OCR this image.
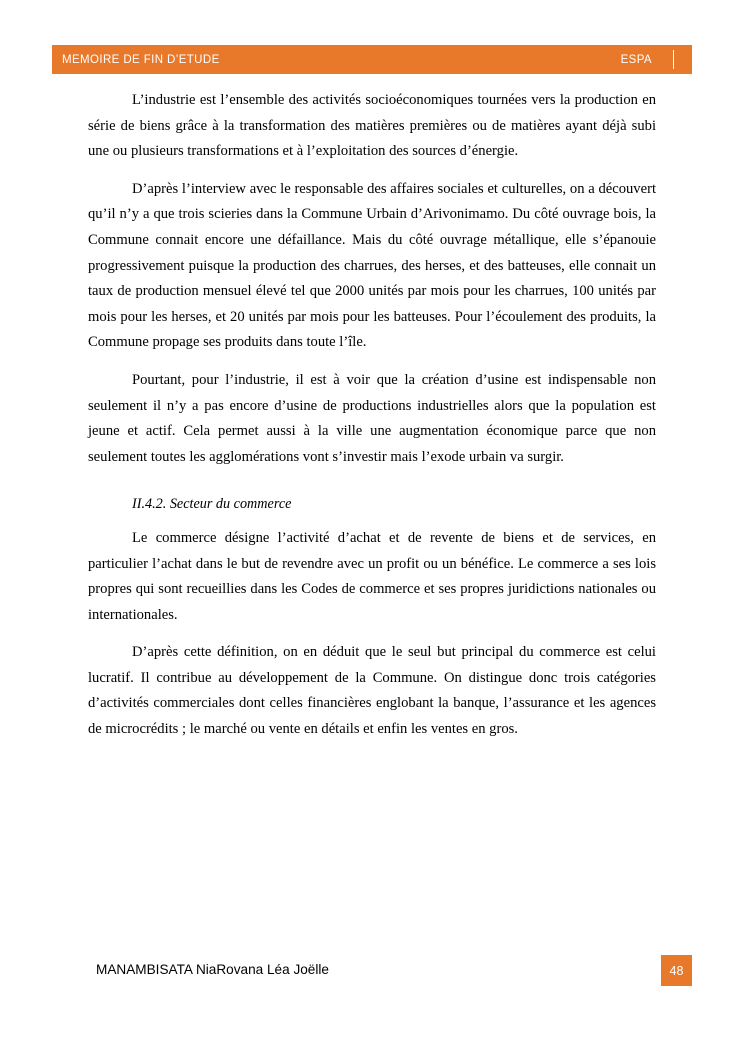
MEMOIRE DE FIN D’ETUDE	ESPA

L’industrie est l’ensemble des activités socioéconomiques tournées vers la production en série de biens grâce à la transformation des matières premières ou de matières ayant déjà subi une ou plusieurs transformations et à l’exploitation des sources d’énergie.

D’après l’interview avec le responsable des affaires sociales et culturelles, on a découvert qu’il n’y a que trois scieries dans la Commune Urbain d’Arivonimamo. Du côté ouvrage bois, la Commune connait encore une défaillance. Mais du côté ouvrage métallique, elle s’épanouie progressivement puisque la production des charrues, des herses, et des batteuses, elle connait un taux de production mensuel élevé tel que 2000 unités par mois pour les charrues, 100 unités par mois pour les herses, et 20 unités par mois pour les batteuses. Pour l’écoulement des produits, la Commune propage ses produits dans toute l’île.

Pourtant, pour l’industrie, il est à voir que la création d’usine est indispensable non seulement il n’y a pas encore d’usine de productions industrielles alors que la population est jeune et actif. Cela permet aussi à la ville une augmentation économique parce que non seulement toutes les agglomérations vont s’investir mais l’exode urbain va surgir.

II.4.2. Secteur du commerce

Le commerce désigne l’activité d’achat et de revente de biens et de services, en particulier l’achat dans le but de revendre avec un profit ou un bénéfice. Le commerce a ses lois propres qui sont recueillies dans les Codes de commerce et ses propres juridictions nationales ou internationales.

D’après cette définition, on en déduit que le seul but principal du commerce est celui lucratif. Il contribue au développement de la Commune. On distingue donc trois catégories d’activités commerciales dont celles financières englobant la banque, l’assurance et les agences de microcrédits ; le marché ou vente en détails et enfin les ventes en gros.

MANAMBISATA NiaRovana Léa Joëlle	48
